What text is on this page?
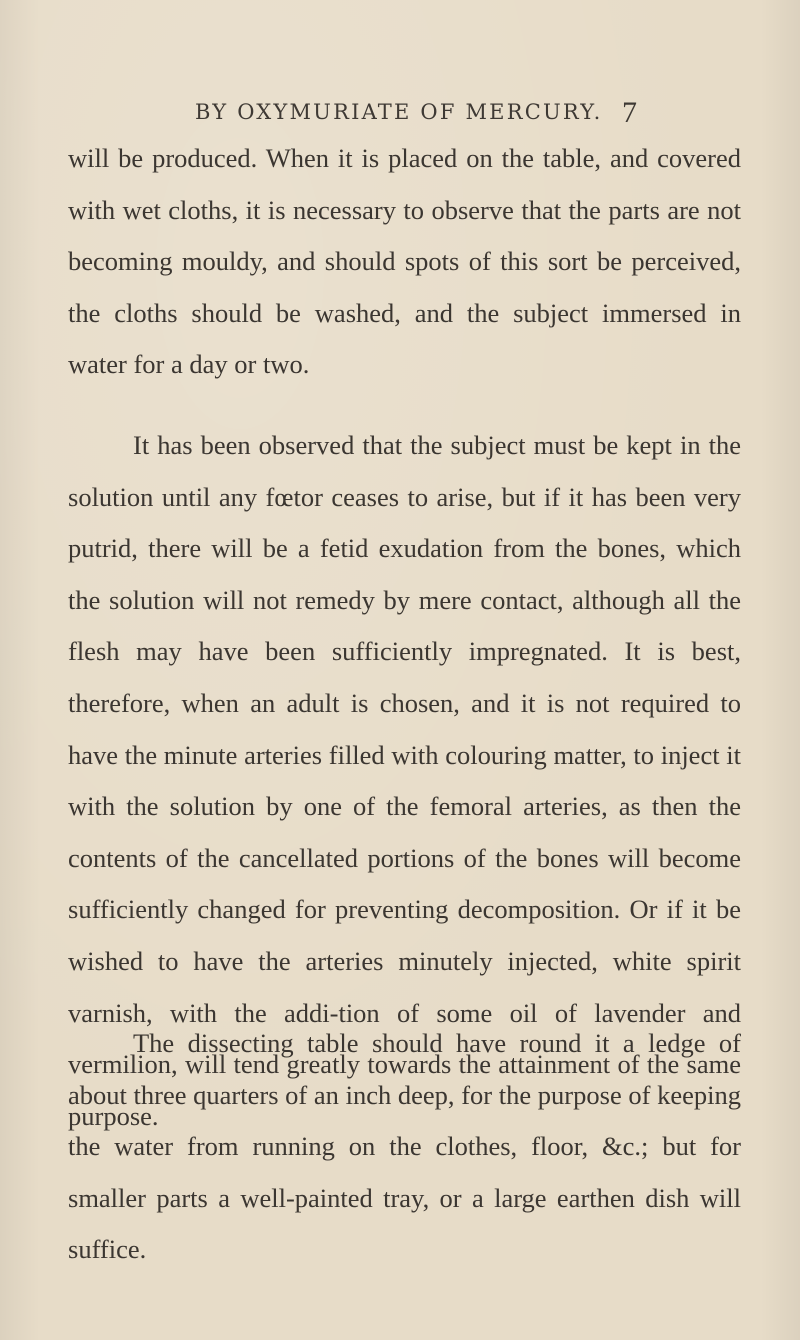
BY OXYMURIATE OF MERCURY. 7

will be produced. When it is placed on the table, and covered with wet cloths, it is necessary to observe that the parts are not becoming mouldy, and should spots of this sort be perceived, the cloths should be washed, and the subject immersed in water for a day or two.

It has been observed that the subject must be kept in the solution until any fœtor ceases to arise, but if it has been very putrid, there will be a fetid exudation from the bones, which the solution will not remedy by mere contact, although all the flesh may have been sufficiently impregnated. It is best, therefore, when an adult is chosen, and it is not required to have the minute arteries filled with colouring matter, to inject it with the solution by one of the femoral arteries, as then the contents of the cancellated portions of the bones will become sufficiently changed for preventing decomposition. Or if it be wished to have the arteries minutely injected, white spirit varnish, with the addi-tion of some oil of lavender and vermilion, will tend greatly towards the attainment of the same purpose.

The dissecting table should have round it a ledge of about three quarters of an inch deep, for the purpose of keeping the water from running on the clothes, floor, &c.; but for smaller parts a well-painted tray, or a large earthen dish will suffice.
